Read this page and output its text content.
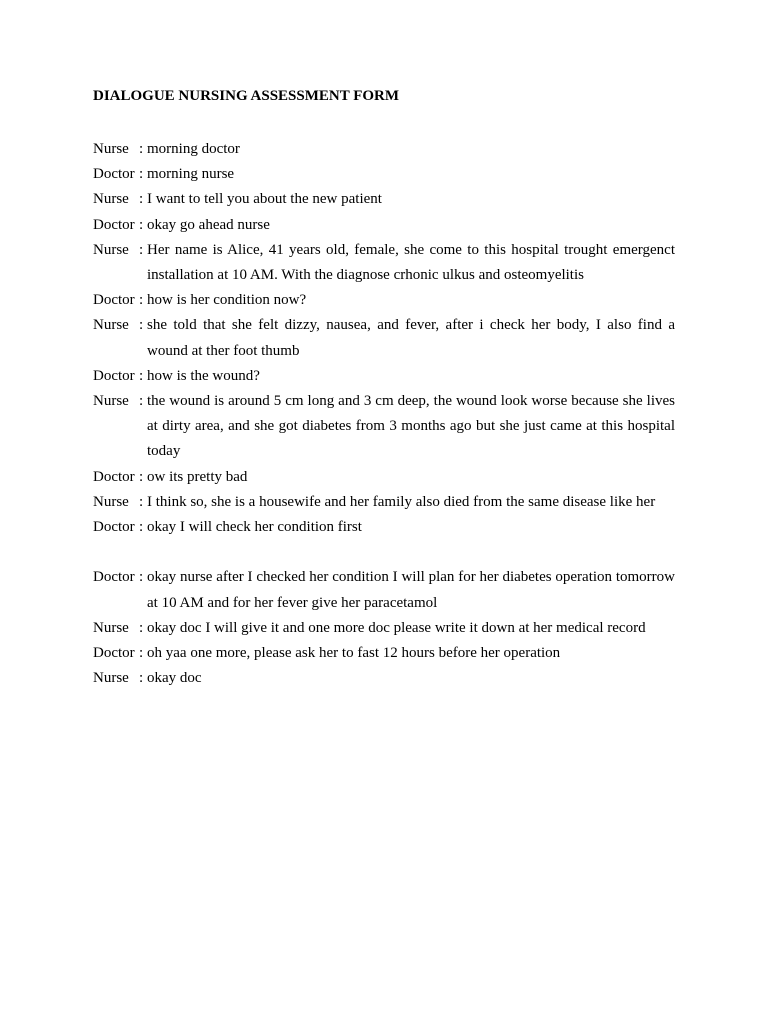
DIALOGUE NURSING ASSESSMENT FORM
Nurse : morning doctor
Doctor : morning nurse
Nurse : I want to tell you about the new patient
Doctor : okay go ahead nurse
Nurse : Her name is Alice, 41 years old, female, she come to this hospital trought emergenct installation at 10 AM. With the diagnose crhonic ulkus and osteomyelitis
Doctor : how is her condition now?
Nurse : she told that she felt dizzy, nausea, and fever, after i check her body, I also find a wound at ther foot thumb
Doctor : how is the wound?
Nurse : the wound is around 5 cm long and 3 cm deep, the wound look worse because she lives at dirty area, and she got diabetes from 3 months ago but she just came at this hospital today
Doctor : ow its pretty bad
Nurse : I think so, she is a housewife and her family also died from the same disease like her
Doctor : okay I will check her condition first
Doctor : okay nurse after I checked her condition I will plan for her diabetes operation tomorrow at 10 AM and for her fever give her paracetamol
Nurse : okay doc I will give it and one more doc please write it down at her medical record
Doctor : oh yaa one more, please ask her to fast 12 hours before her operation
Nurse : okay doc
